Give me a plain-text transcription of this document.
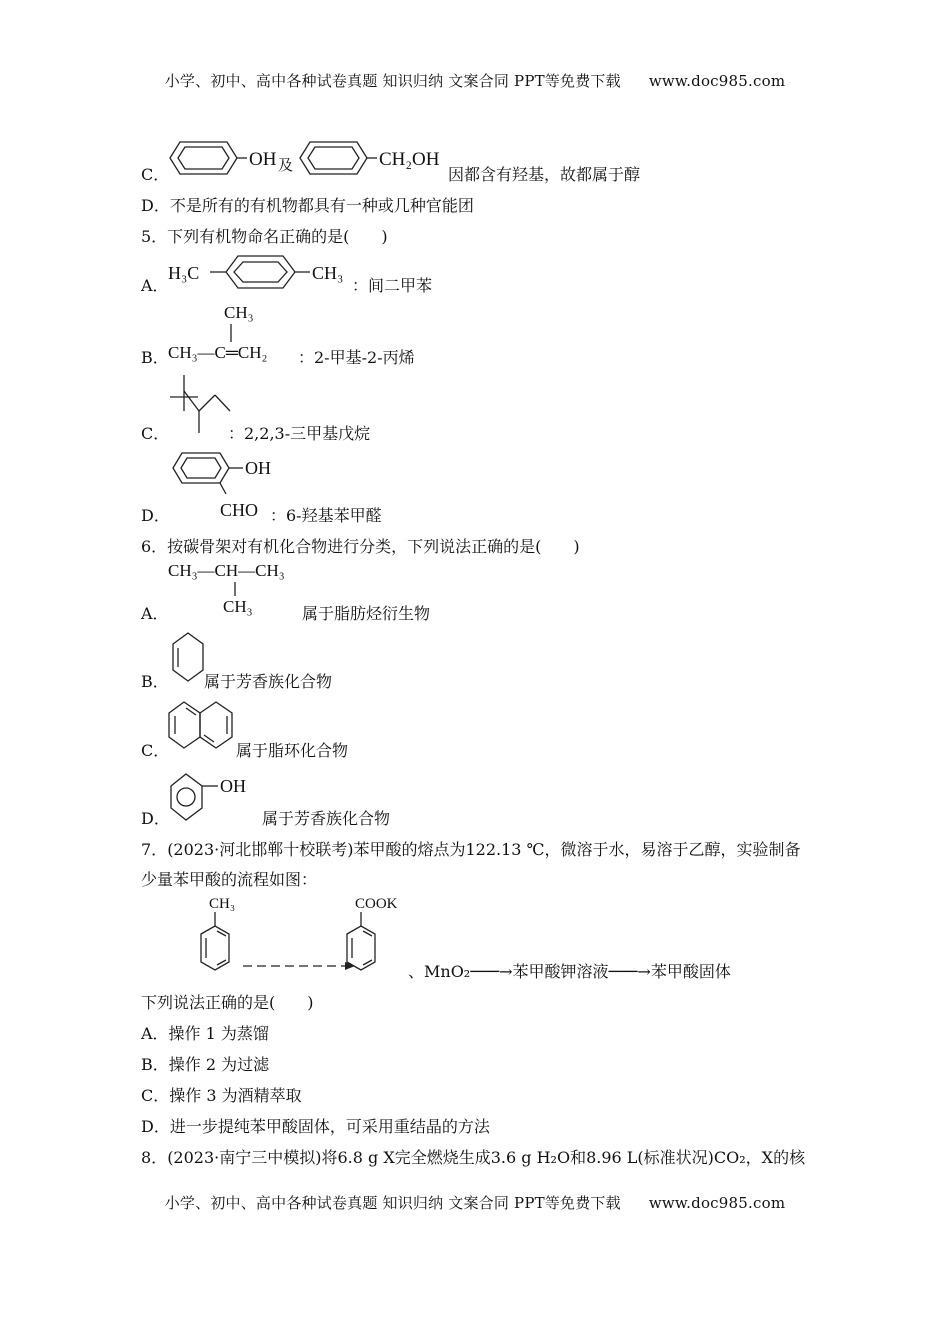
小学、初中、高中各种试卷真题 知识归纳 文案合同 PPT等免费下载 www.doc985.com
C．
OH 及	CH₂OH
因都含有羟基，故都属于醇
D．不是所有的有机物都具有一种或几种官能团
5．下列有机物命名正确的是(　　)
A．
H₃C	CH₃
：间二甲苯
B．
CH₃
CH₃—C═CH₂ ：2-甲基-2-丙烯
C．	：2,2,3-三甲基戊烷
D．
OH
CHO ：6-羟基苯甲醛
6．按碳骨架对有机化合物进行分类，下列说法正确的是(　　)
A．
CH₃—CH—CH₃
CH₃	属于脂肪烃衍生物
B． 属于芳香族化合物
C．	属于脂环化合物
D．
OH
属于芳香族化合物
7．(2023·河北邯郸十校联考)苯甲酸的熔点为122.13 ℃，微溶于水，易溶于乙醇，实验制备
少量苯甲酸的流程如图：
CH₃	COOK
、MnO₂───→苯甲酸钾溶液───→苯甲酸固体
下列说法正确的是(　　)
A．操作 1 为蒸馏
B．操作 2 为过滤
C．操作 3 为酒精萃取
D．进一步提纯苯甲酸固体，可采用重结晶的方法
8．(2023·南宁三中模拟)将6.8 g X完全燃烧生成3.6 g H₂O和8.96 L(标准状况)CO₂，X的核
小学、初中、高中各种试卷真题 知识归纳 文案合同 PPT等免费下载 www.doc985.com
